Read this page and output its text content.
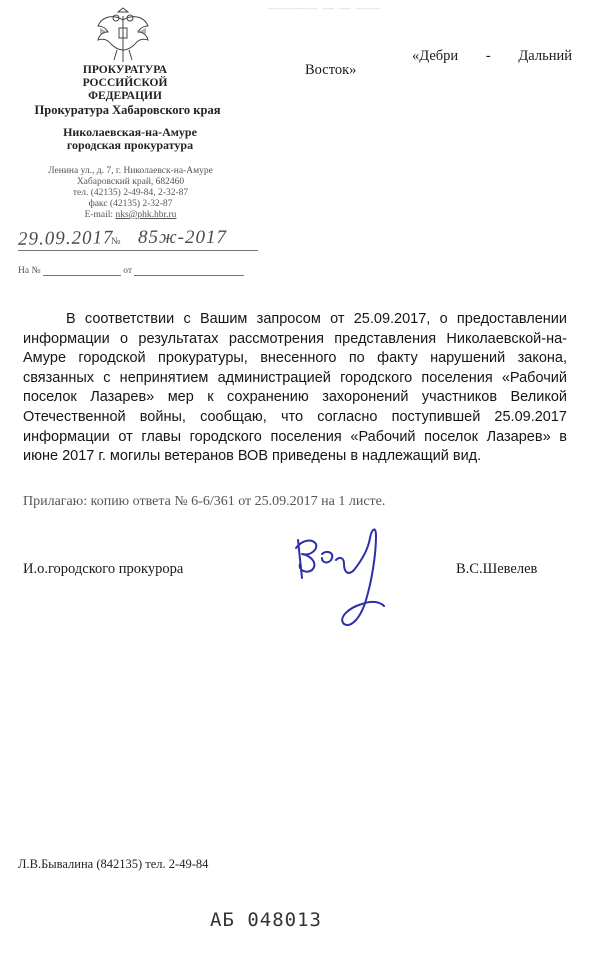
———— — — ——
ПРОКУРАТУРА
РОССИЙСКОЙ ФЕДЕРАЦИИ
Прокуратура Хабаровского края
Николаевская-на-Амуре
городская прокуратура
Ленина ул., д. 7, г. Николаевск-на-Амуре
Хабаровский край, 682460
тел. (42135) 2-49-84, 2-32-87
факс (42135) 2-32-87
E-mail: nks@phk.hbr.ru
29.09.2017
№ 85ж-2017
На №	от
«Дебри - Дальний
Восток»

В соответствии с Вашим запросом от 25.09.2017, о предоставлении информации о результатах рассмотрения представления Николаевской-на-Амуре городской прокуратуры, внесенного по факту нарушений закона, связанных с непринятием администрацией городского поселения «Рабочий поселок Лазарев» мер к сохранению захоронений участников Великой Отечественной войны, сообщаю, что согласно поступившей 25.09.2017 информации от главы городского поселения «Рабочий поселок Лазарев» в июне 2017 г. могилы ветеранов ВОВ приведены в надлежащий вид.

Прилагаю: копию ответа № 6-6/361 от 25.09.2017 на 1 листе.
И.о.городского прокурора	В.С.Шевелев
Л.В.Бывалина (842135) тел. 2-49-84
АБ 048013
